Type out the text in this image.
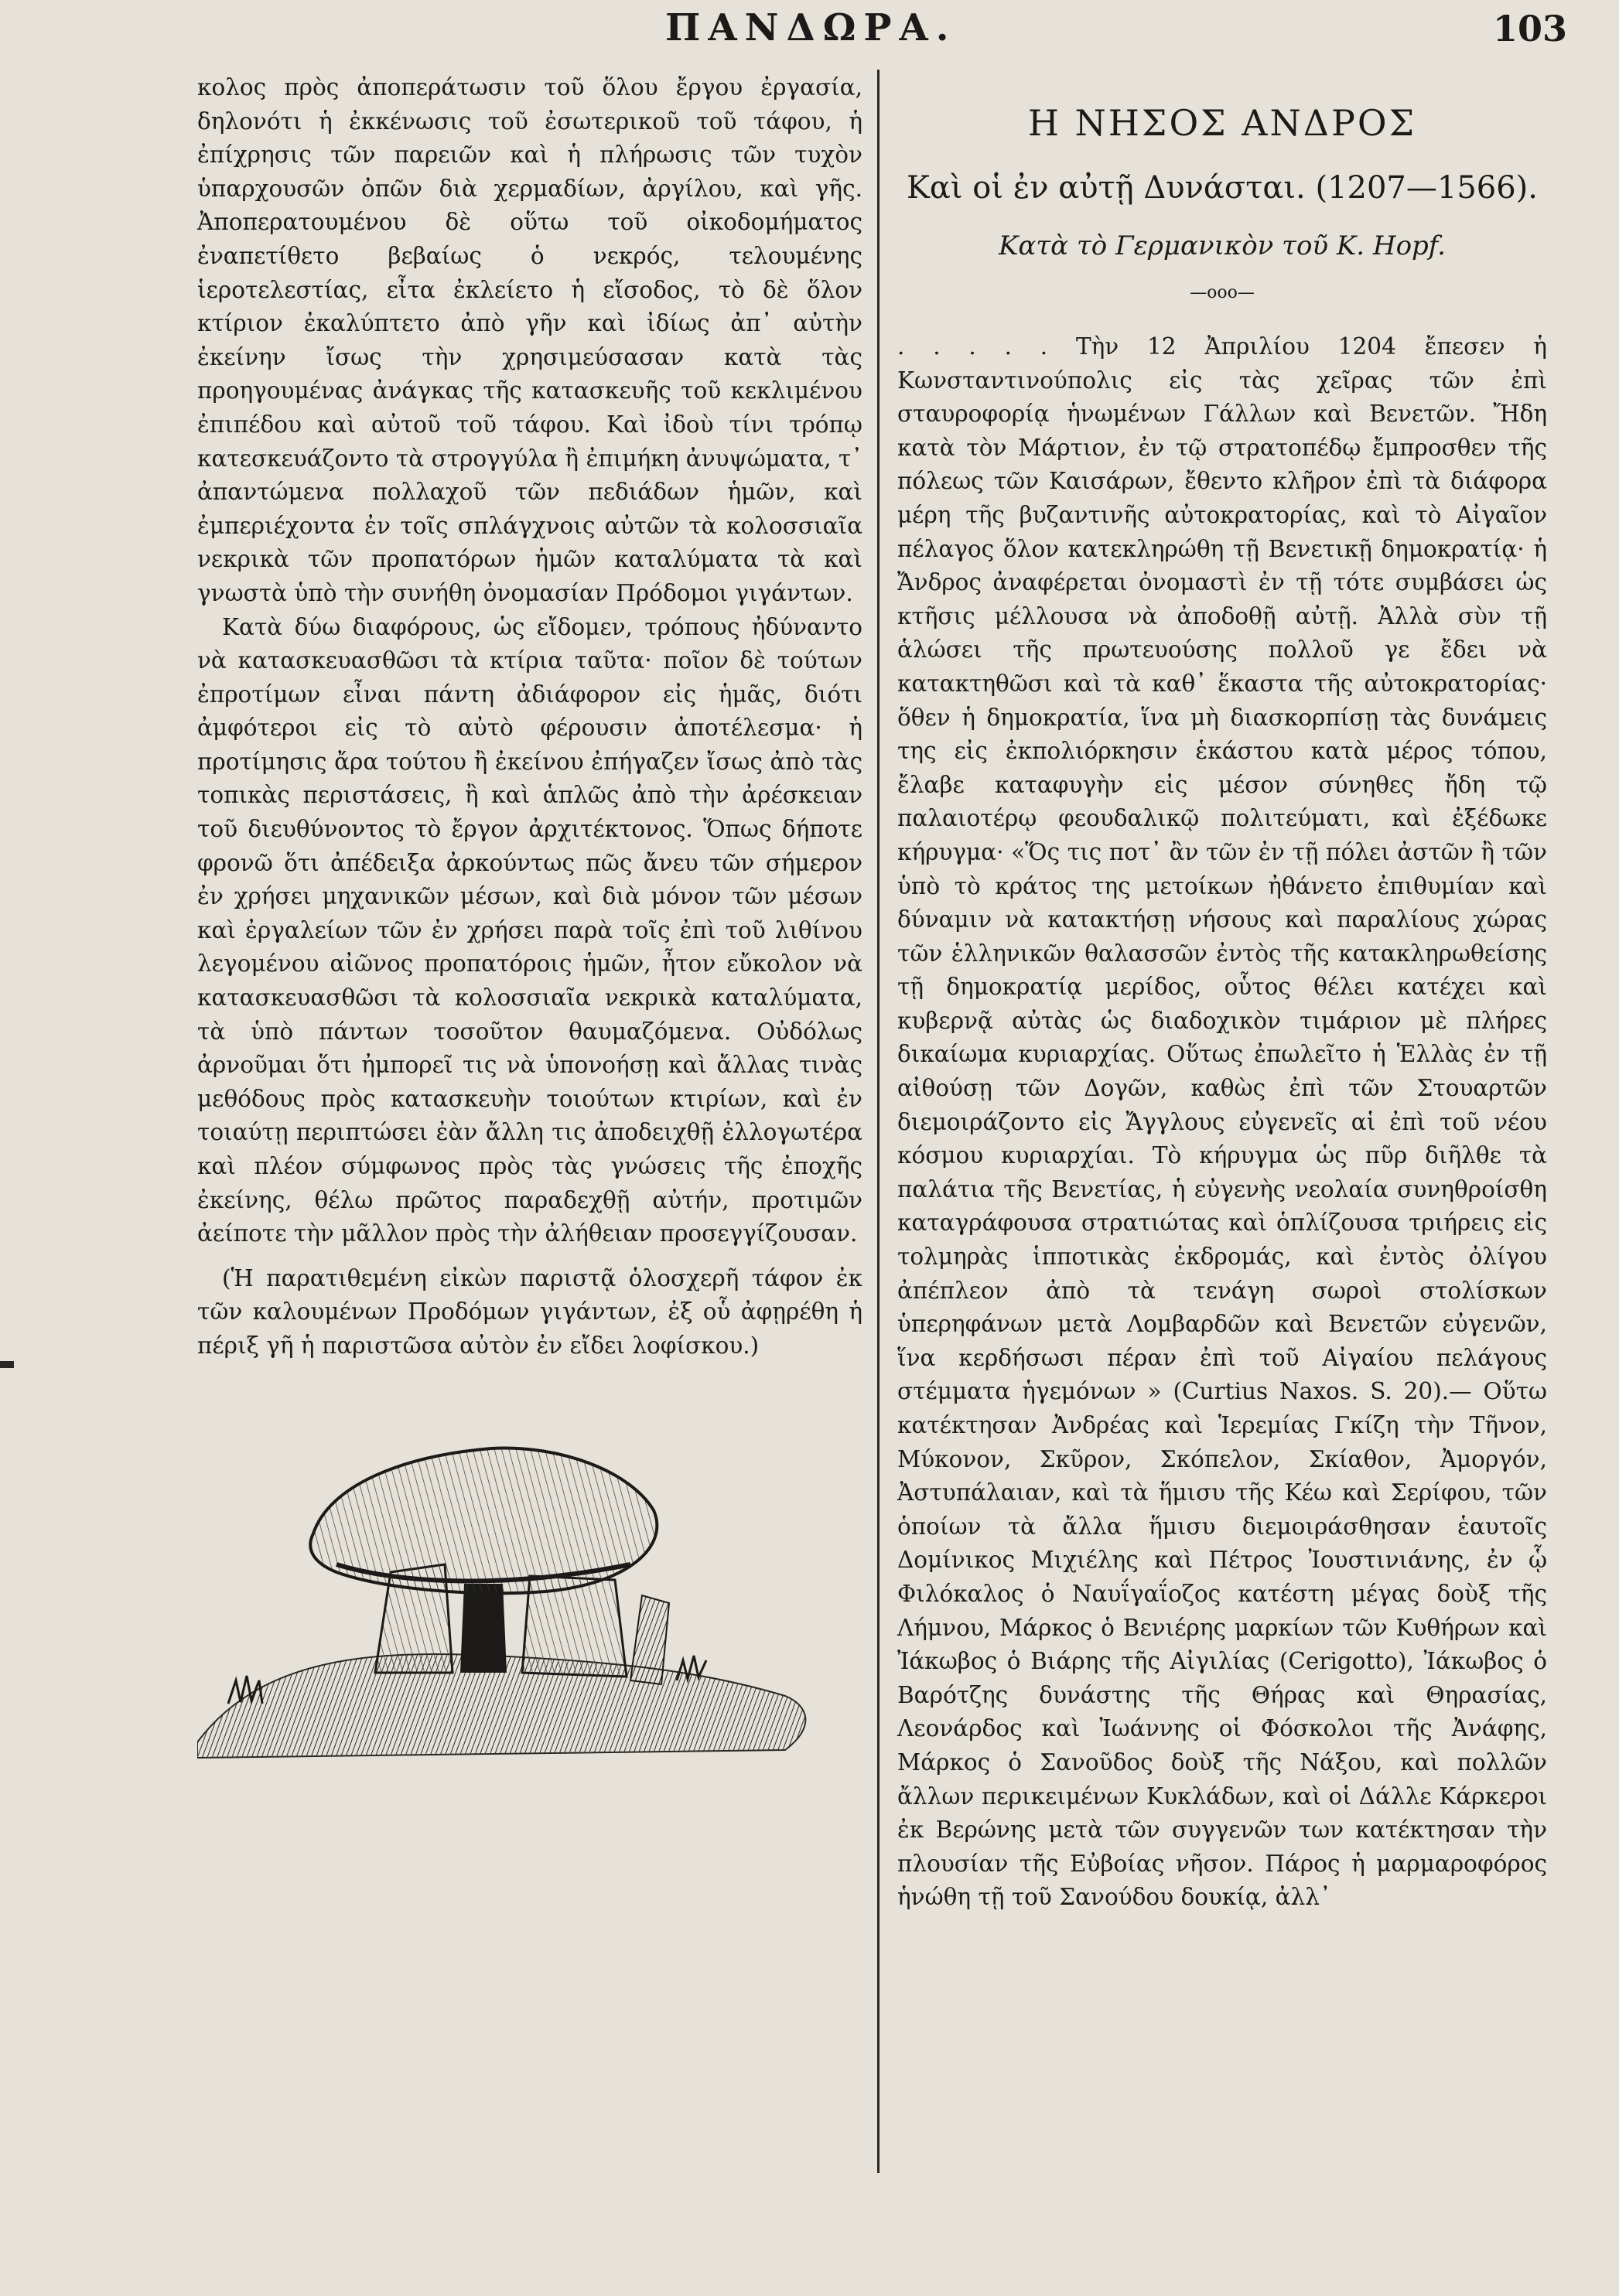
ΠΑΝΔΩΡΑ.	103

κολος πρὸς ἀποπεράτωσιν τοῦ ὅλου ἔργου ἐργασία, δηλονότι ἡ ἐκκένωσις τοῦ ἐσωτερικοῦ τοῦ τάφου, ἡ ἐπίχρησις τῶν παρειῶν καὶ ἡ πλήρωσις τῶν τυχὸν ὑπαρχουσῶν ὀπῶν διὰ χερμαδίων, ἀργίλου, καὶ γῆς. Ἀποπερατουμένου δὲ οὕτω τοῦ οἰκοδομήματος ἐναπετίθετο βεβαίως ὁ νεκρός, τελουμένης ἱεροτελεστίας, εἶτα ἐκλείετο ἡ εἴσοδος, τὸ δὲ ὅλον κτίριον ἐκαλύπτετο ἀπὸ γῆν καὶ ἰδίως ἀπ᾽ αὐτὴν ἐκείνην ἴσως τὴν χρησιμεύσασαν κατὰ τὰς προηγουμένας ἀνάγκας τῆς κατασκευῆς τοῦ κεκλιμένου ἐπιπέδου καὶ αὐτοῦ τοῦ τάφου. Καὶ ἰδοὺ τίνι τρόπῳ κατεσκευάζοντο τὰ στρογγύλα ἢ ἐπιμήκη ἀνυψώματα, τ᾽ ἀπαντώμενα πολλαχοῦ τῶν πεδιάδων ἡμῶν, καὶ ἐμπεριέχοντα ἐν τοῖς σπλάγχνοις αὐτῶν τὰ κολοσσιαῖα νεκρικὰ τῶν προπατόρων ἡμῶν καταλύματα τὰ καὶ γνωστὰ ὑπὸ τὴν συνήθη ὀνομασίαν Πρόδομοι γιγάντων.

Κατὰ δύω διαφόρους, ὡς εἴδομεν, τρόπους ἠδύναντο νὰ κατασκευασθῶσι τὰ κτίρια ταῦτα· ποῖον δὲ τούτων ἐπροτίμων εἶναι πάντη ἀδιάφορον εἰς ἡμᾶς, διότι ἀμφότεροι εἰς τὸ αὐτὸ φέρουσιν ἀποτέλεσμα· ἡ προτίμησις ἄρα τούτου ἢ ἐκείνου ἐπήγαζεν ἴσως ἀπὸ τὰς τοπικὰς περιστάσεις, ἢ καὶ ἁπλῶς ἀπὸ τὴν ἀρέσκειαν τοῦ διευθύνοντος τὸ ἔργον ἀρχιτέκτονος. Ὅπως δήποτε φρονῶ ὅτι ἀπέδειξα ἀρκούντως πῶς ἄνευ τῶν σήμερον ἐν χρήσει μηχανικῶν μέσων, καὶ διὰ μόνον τῶν μέσων καὶ ἐργαλείων τῶν ἐν χρήσει παρὰ τοῖς ἐπὶ τοῦ λιθίνου λεγομένου αἰῶνος προπατόροις ἡμῶν, ἦτον εὔκολον νὰ κατασκευασθῶσι τὰ κολοσσιαῖα νεκρικὰ καταλύματα, τὰ ὑπὸ πάντων τοσοῦτον θαυμαζόμενα. Οὐδόλως ἀρνοῦμαι ὅτι ἠμπορεῖ τις νὰ ὑπονοήσῃ καὶ ἄλλας τινὰς μεθόδους πρὸς κατασκευὴν τοιούτων κτιρίων, καὶ ἐν τοιαύτῃ περιπτώσει ἐὰν ἄλλη τις ἀποδειχθῇ ἐλλογωτέρα καὶ πλέον σύμφωνος πρὸς τὰς γνώσεις τῆς ἐποχῆς ἐκείνης, θέλω πρῶτος παραδεχθῇ αὐτήν, προτιμῶν ἀείποτε τὴν μᾶλλον πρὸς τὴν ἀλήθειαν προσεγγίζουσαν.

(Ἡ παρατιθεμένη εἰκὼν παριστᾷ ὁλοσχερῆ τάφον ἐκ τῶν καλουμένων Προδόμων γιγάντων, ἐξ οὗ ἀφῃρέθη ἡ πέριξ γῆ ἡ παριστῶσα αὐτὸν ἐν εἴδει λοφίσκου.)

Η ΝΗΣΟΣ ΑΝΔΡΟΣ
Καὶ οἱ ἐν αὐτῇ Δυνάσται. (1207—1566).
Κατὰ τὸ Γερμανικὸν τοῦ Κ. Hopf.
—οοο—

. . . . . Τὴν 12 Ἀπριλίου 1204 ἔπεσεν ἡ Κωνσταντινούπολις εἰς τὰς χεῖρας τῶν ἐπὶ σταυροφορίᾳ ἡνωμένων Γάλλων καὶ Βενετῶν. Ἤδη κατὰ τὸν Μάρτιον, ἐν τῷ στρατοπέδῳ ἔμπροσθεν τῆς πόλεως τῶν Καισάρων, ἔθεντο κλῆρον ἐπὶ τὰ διάφορα μέρη τῆς βυζαντινῆς αὐτοκρατορίας, καὶ τὸ Αἰγαῖον πέλαγος ὅλον κατεκληρώθη τῇ Βενετικῇ δημοκρατίᾳ· ἡ Ἄνδρος ἀναφέρεται ὀνομαστὶ ἐν τῇ τότε συμβάσει ὡς κτῆσις μέλλουσα νὰ ἀποδοθῇ αὐτῇ. Ἀλλὰ σὺν τῇ ἁλώσει τῆς πρωτευούσης πολλοῦ γε ἔδει νὰ κατακτηθῶσι καὶ τὰ καθ᾽ ἕκαστα τῆς αὐτοκρατορίας· ὅθεν ἡ δημοκρατία, ἵνα μὴ διασκορπίσῃ τὰς δυνάμεις της εἰς ἐκπολιόρκησιν ἑκάστου κατὰ μέρος τόπου, ἔλαβε καταφυγὴν εἰς μέσον σύνηθες ἤδη τῷ παλαιοτέρῳ φεουδαλικῷ πολιτεύματι, καὶ ἐξέδωκε κήρυγμα· «Ὅς τις ποτ᾽ ἂν τῶν ἐν τῇ πόλει ἀστῶν ἢ τῶν ὑπὸ τὸ κράτος της μετοίκων ἠθάνετο ἐπιθυμίαν καὶ δύναμιν νὰ κατακτήσῃ νήσους καὶ παραλίους χώρας τῶν ἑλληνικῶν θαλασσῶν ἐντὸς τῆς κατακληρωθείσης τῇ δημοκρατίᾳ μερίδος, οὗτος θέλει κατέχει καὶ κυβερνᾷ αὐτὰς ὡς διαδοχικὸν τιμάριον μὲ πλήρες δικαίωμα κυριαρχίας. Οὕτως ἐπωλεῖτο ἡ Ἑλλὰς ἐν τῇ αἰθούσῃ τῶν Δογῶν, καθὼς ἐπὶ τῶν Στουαρτῶν διεμοιράζοντο εἰς Ἄγγλους εὐγενεῖς αἱ ἐπὶ τοῦ νέου κόσμου κυριαρχίαι. Τὸ κήρυγμα ὡς πῦρ διῆλθε τὰ παλάτια τῆς Βενετίας, ἡ εὐγενὴς νεολαία συνηθροίσθη καταγράφουσα στρατιώτας καὶ ὁπλίζουσα τριήρεις εἰς τολμηρὰς ἱπποτικὰς ἐκδρομάς, καὶ ἐντὸς ὀλίγου ἀπέπλεον ἀπὸ τὰ τενάγη σωροὶ στολίσκων ὑπερηφάνων μετὰ Λομβαρδῶν καὶ Βενετῶν εὐγενῶν, ἵνα κερδήσωσι πέραν ἐπὶ τοῦ Αἰγαίου πελάγους στέμματα ἡγεμόνων » (Curtius Naxos. S. 20).— Οὕτω κατέκτησαν Ἀνδρέας καὶ Ἱερεμίας Γκίζη τὴν Τῆνον, Μύκονον, Σκῦρον, Σκόπελον, Σκίαθον, Ἀμοργόν, Ἀστυπάλαιαν, καὶ τὰ ἥμισυ τῆς Κέω καὶ Σερίφου, τῶν ὁποίων τὰ ἄλλα ἥμισυ διεμοιράσθησαν ἑαυτοῖς Δομίνικος Μιχιέλης καὶ Πέτρος Ἰουστινιάνης, ἐν ᾧ Φιλόκαλος ὁ Ναυΐγαΐοζος κατέστη μέγας δοὺξ τῆς Λήμνου, Μάρκος ὁ Βενιέρης μαρκίων τῶν Κυθήρων καὶ Ἰάκωβος ὁ Βιάρης τῆς Αἰγιλίας (Cerigotto), Ἰάκωβος ὁ Βαρότζης δυνάστης τῆς Θήρας καὶ Θηρασίας, Λεονάρδος καὶ Ἰωάννης οἱ Φόσκολοι τῆς Ἀνάφης, Μάρκος ὁ Σανοῦδος δοὺξ τῆς Νάξου, καὶ πολλῶν ἄλλων περικειμένων Κυκλάδων, καὶ οἱ Δάλλε Κάρκεροι ἐκ Βερώνης μετὰ τῶν συγγενῶν των κατέκτησαν τὴν πλουσίαν τῆς Εὐβοίας νῆσον. Πάρος ἡ μαρμαροφόρος ἡνώθη τῇ τοῦ Σανούδου δουκίᾳ, ἀλλ᾽
